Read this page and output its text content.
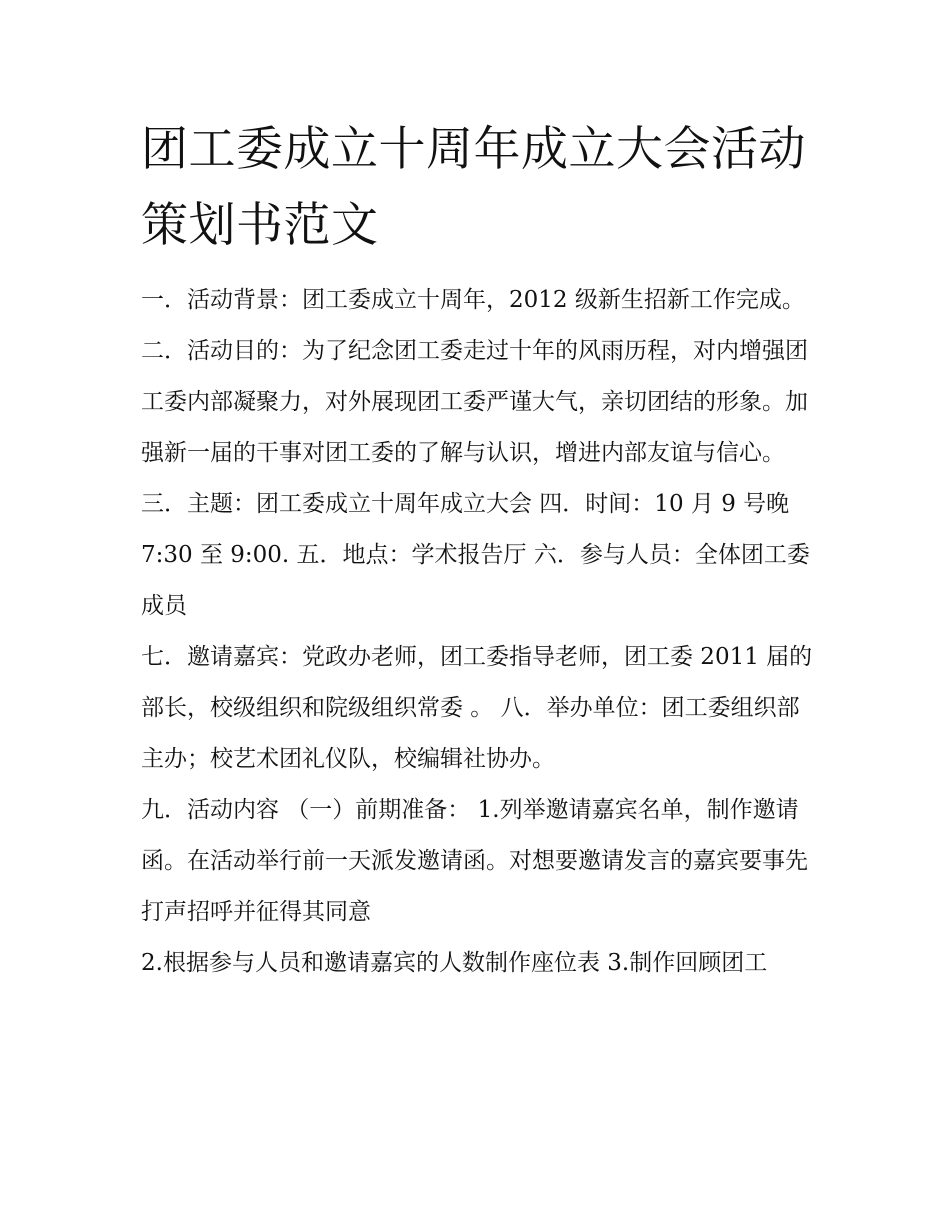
团工委成立十周年成立大会活动策划书范文

一．活动背景：团工委成立十周年，2012 级新生招新工作完成。

二．活动目的：为了纪念团工委走过十年的风雨历程，对内增强团工委内部凝聚力，对外展现团工委严谨大气，亲切团结的形象。加强新一届的干事对团工委的了解与认识，增进内部友谊与信心。

三．主题：团工委成立十周年成立大会 四．时间：10 月 9 号晚 7:30 至 9:00. 五．地点：学术报告厅 六．参与人员：全体团工委成员

七．邀请嘉宾：党政办老师，团工委指导老师，团工委 2011 届的部长，校级组织和院级组织常委 。 八．举办单位：团工委组织部主办；校艺术团礼仪队，校编辑社协办。

九．活动内容 （一）前期准备： 1.列举邀请嘉宾名单，制作邀请函。在活动举行前一天派发邀请函。对想要邀请发言的嘉宾要事先打声招呼并征得其同意

2.根据参与人员和邀请嘉宾的人数制作座位表 3.制作回顾团工
